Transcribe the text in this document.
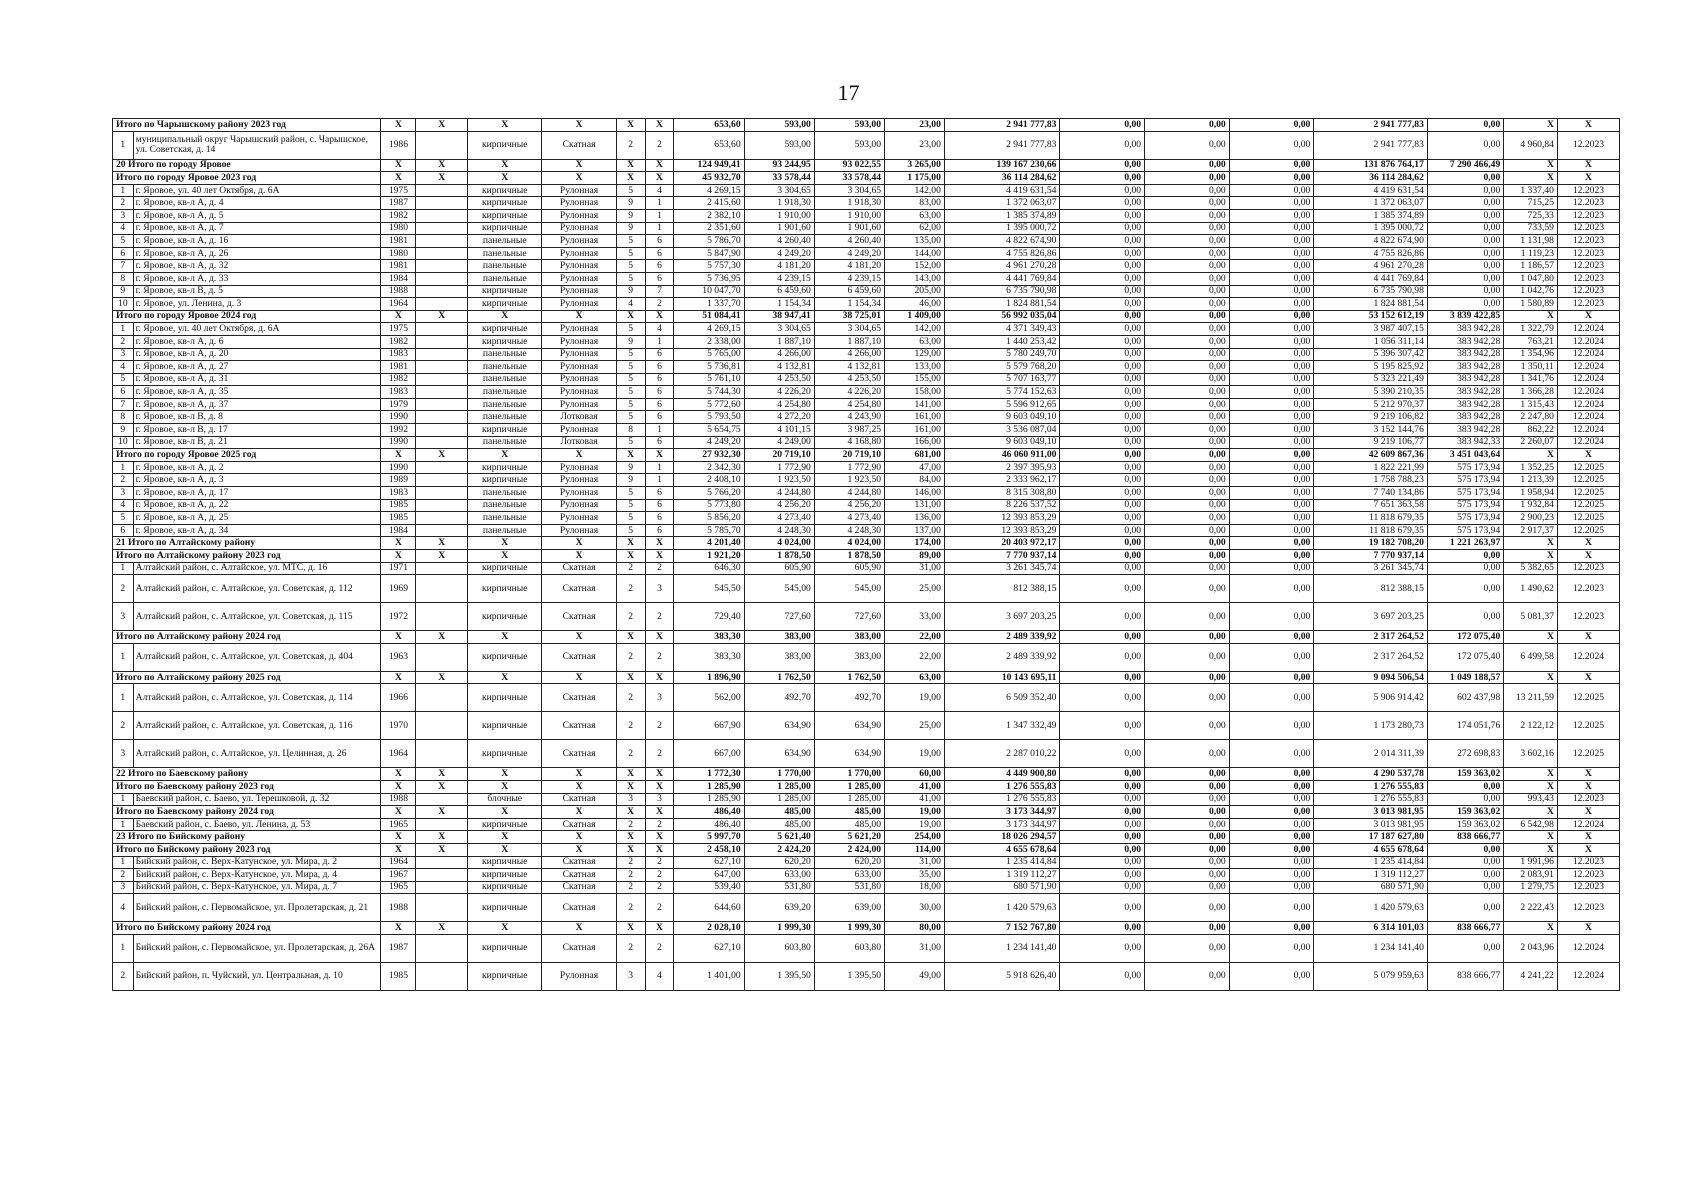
17
Итого по Чарышскому району 2023 год		X	X	X	X	X	X	653,60	593,00	593,00	23,00	2 941 777,83	0,00	0,00	0,00	2 941 777,83	0,00	X	X
1	муниципальный округ Чарышский район, с. Чарышское, ул. Советская, д. 14	1986		кирпичные	Скатная	2	2	653,60	593,00	593,00	23,00	2 941 777,83	0,00	0,00	0,00	2 941 777,83	0,00	4 960,84	12.2023
20 Итого по городу Яровое		X	X	X	X	X	X	124 949,41	93 244,95	93 022,55	3 265,00	139 167 230,66	0,00	0,00	0,00	131 876 764,17	7 290 466,49	X	X
Итого по городу Яровое 2023 год		X	X	X	X	X	X	45 932,70	33 578,44	33 578,44	1 175,00	36 114 284,62	0,00	0,00	0,00	36 114 284,62	0,00	X	X
1	г. Яровое, ул. 40 лет Октября, д. 6А	1975		кирпичные	Рулонная	5	4	4 269,15	3 304,65	3 304,65	142,00	4 419 631,54	0,00	0,00	0,00	4 419 631,54	0,00	1 337,40	12.2023
2	г. Яровое, кв-л А, д. 4	1987		кирпичные	Рулонная	9	1	2 415,60	1 918,30	1 918,30	83,00	1 372 063,07	0,00	0,00	0,00	1 372 063,07	0,00	715,25	12.2023
3	г. Яровое, кв-л А, д. 5	1982		кирпичные	Рулонная	9	1	2 382,10	1 910,00	1 910,00	63,00	1 385 374,89	0,00	0,00	0,00	1 385 374,89	0,00	725,33	12.2023
4	г. Яровое, кв-л А, д. 7	1980		кирпичные	Рулонная	9	1	2 351,60	1 901,60	1 901,60	62,00	1 395 000,72	0,00	0,00	0,00	1 395 000,72	0,00	733,59	12.2023
5	г. Яровое, кв-л А, д. 16	1981		панельные	Рулонная	5	6	5 786,70	4 260,40	4 260,40	135,00	4 822 674,90	0,00	0,00	0,00	4 822 674,90	0,00	1 131,98	12.2023
6	г. Яровое, кв-л А, д. 26	1980		панельные	Рулонная	5	6	5 847,90	4 249,20	4 249,20	144,00	4 755 826,86	0,00	0,00	0,00	4 755 826,86	0,00	1 119,23	12.2023
7	г. Яровое, кв-л А, д. 32	1981		панельные	Рулонная	5	6	5 757,30	4 181,20	4 181,20	152,00	4 961 270,28	0,00	0,00	0,00	4 961 270,28	0,00	1 186,57	12.2023
8	г. Яровое, кв-л А, д. 33	1984		панельные	Рулонная	5	6	5 736,95	4 239,15	4 239,15	143,00	4 441 769,84	0,00	0,00	0,00	4 441 769,84	0,00	1 047,80	12.2023
9	г. Яровое, кв-л В, д. 5	1988		кирпичные	Рулонная	9	7	10 047,70	6 459,60	6 459,60	205,00	6 735 790,98	0,00	0,00	0,00	6 735 790,98	0,00	1 042,76	12.2023
10	г. Яровое, ул. Ленина, д. 3	1964		кирпичные	Рулонная	4	2	1 337,70	1 154,34	1 154,34	46,00	1 824 881,54	0,00	0,00	0,00	1 824 881,54	0,00	1 580,89	12.2023
Итого по городу Яровое 2024 год		X	X	X	X	X	X	51 084,41	38 947,41	38 725,01	1 409,00	56 992 035,04	0,00	0,00	0,00	53 152 612,19	3 839 422,85	X	X
1	г. Яровое, ул. 40 лет Октября, д. 6А	1975		кирпичные	Рулонная	5	4	4 269,15	3 304,65	3 304,65	142,00	4 371 349,43	0,00	0,00	0,00	3 987 407,15	383 942,28	1 322,79	12.2024
2	г. Яровое, кв-л А, д. 6	1982		кирпичные	Рулонная	9	1	2 338,00	1 887,10	1 887,10	63,00	1 440 253,42	0,00	0,00	0,00	1 056 311,14	383 942,28	763,21	12.2024
3	г. Яровое, кв-л А, д. 20	1983		панельные	Рулонная	5	6	5 765,00	4 266,00	4 266,00	129,00	5 780 249,70	0,00	0,00	0,00	5 396 307,42	383 942,28	1 354,96	12.2024
4	г. Яровое, кв-л А, д. 27	1981		панельные	Рулонная	5	6	5 736,81	4 132,81	4 132,81	133,00	5 579 768,20	0,00	0,00	0,00	5 195 825,92	383 942,28	1 350,11	12.2024
5	г. Яровое, кв-л А, д. 31	1982		панельные	Рулонная	5	6	5 761,10	4 253,50	4 253,50	155,00	5 707 163,77	0,00	0,00	0,00	5 323 221,49	383 942,28	1 341,76	12.2024
6	г. Яровое, кв-л А, д. 35	1983		панельные	Рулонная	5	6	5 744,30	4 226,20	4 226,20	158,00	5 774 152,63	0,00	0,00	0,00	5 390 210,35	383 942,28	1 366,28	12.2024
7	г. Яровое, кв-л А, д. 37	1979		панельные	Рулонная	5	6	5 772,60	4 254,80	4 254,80	141,00	5 596 912,65	0,00	0,00	0,00	5 212 970,37	383 942,28	1 315,43	12.2024
8	г. Яровое, кв-л В, д. 8	1990		панельные	Лотковая	5	6	5 793,50	4 272,20	4 243,90	161,00	9 603 049,10	0,00	0,00	0,00	9 219 106,82	383 942,28	2 247,80	12.2024
9	г. Яровое, кв-л В, д. 17	1992		кирпичные	Рулонная	8	1	5 654,75	4 101,15	3 987,25	161,00	3 536 087,04	0,00	0,00	0,00	3 152 144,76	383 942,28	862,22	12.2024
10	г. Яровое, кв-л В, д. 21	1990		панельные	Лотковая	5	6	4 249,20	4 249,00	4 168,80	166,00	9 603 049,10	0,00	0,00	0,00	9 219 106,77	383 942,33	2 260,07	12.2024
Итого по городу Яровое 2025 год		X	X	X	X	X	X	27 932,30	20 719,10	20 719,10	681,00	46 060 911,00	0,00	0,00	0,00	42 609 867,36	3 451 043,64	X	X
1	г. Яровое, кв-л А, д. 2	1990		кирпичные	Рулонная	9	1	2 342,30	1 772,90	1 772,90	47,00	2 397 395,93	0,00	0,00	0,00	1 822 221,99	575 173,94	1 352,25	12.2025
2	г. Яровое, кв-л А, д. 3	1989		кирпичные	Рулонная	9	1	2 408,10	1 923,50	1 923,50	84,00	2 333 962,17	0,00	0,00	0,00	1 758 788,23	575 173,94	1 213,39	12.2025
3	г. Яровое, кв-л А, д. 17	1983		панельные	Рулонная	5	6	5 766,20	4 244,80	4 244,80	146,00	8 315 308,80	0,00	0,00	0,00	7 740 134,86	575 173,94	1 958,94	12.2025
4	г. Яровое, кв-л А, д. 22	1985		панельные	Рулонная	5	6	5 773,80	4 256,20	4 256,20	131,00	8 226 537,52	0,00	0,00	0,00	7 651 363,58	575 173,94	1 932,84	12.2025
5	г. Яровое, кв-л А, д. 25	1985		панельные	Рулонная	5	6	5 856,20	4 273,40	4 273,40	136,00	12 393 853,29	0,00	0,00	0,00	11 818 679,35	575 173,94	2 900,23	12.2025
6	г. Яровое, кв-л А, д. 34	1984		панельные	Рулонная	5	6	5 785,70	4 248,30	4 248,30	137,00	12 393 853,29	0,00	0,00	0,00	11 818 679,35	575 173,94	2 917,37	12.2025
21 Итого по Алтайскому району		X	X	X	X	X	X	4 201,40	4 024,00	4 024,00	174,00	20 403 972,17	0,00	0,00	0,00	19 182 708,20	1 221 263,97	X	X
Итого по Алтайскому району 2023 год		X	X	X	X	X	X	1 921,20	1 878,50	1 878,50	89,00	7 770 937,14	0,00	0,00	0,00	7 770 937,14	0,00	X	X
1	Алтайский район, с. Алтайское, ул. МТС, д. 16	1971		кирпичные	Скатная	2	2	646,30	605,90	605,90	31,00	3 261 345,74	0,00	0,00	0,00	3 261 345,74	0,00	5 382,65	12.2023
2	Алтайский район, с. Алтайское, ул. Советская, д. 112	1969		кирпичные	Скатная	2	3	545,50	545,00	545,00	25,00	812 388,15	0,00	0,00	0,00	812 388,15	0,00	1 490,62	12.2023
3	Алтайский район, с. Алтайское, ул. Советская, д. 115	1972		кирпичные	Скатная	2	2	729,40	727,60	727,60	33,00	3 697 203,25	0,00	0,00	0,00	3 697 203,25	0,00	5 081,37	12.2023
Итого по Алтайскому району 2024 год		X	X	X	X	X	X	383,30	383,00	383,00	22,00	2 489 339,92	0,00	0,00	0,00	2 317 264,52	172 075,40	X	X
1	Алтайский район, с. Алтайское, ул. Советская, д. 404	1963		кирпичные	Скатная	2	2	383,30	383,00	383,00	22,00	2 489 339,92	0,00	0,00	0,00	2 317 264,52	172 075,40	6 499,58	12.2024
Итого по Алтайскому району 2025 год		X	X	X	X	X	X	1 896,90	1 762,50	1 762,50	63,00	10 143 695,11	0,00	0,00	0,00	9 094 506,54	1 049 188,57	X	X
1	Алтайский район, с. Алтайское, ул. Советская, д. 114	1966		кирпичные	Скатная	2	3	562,00	492,70	492,70	19,00	6 509 352,40	0,00	0,00	0,00	5 906 914,42	602 437,98	13 211,59	12.2025
2	Алтайский район, с. Алтайское, ул. Советская, д. 116	1970		кирпичные	Скатная	2	2	667,90	634,90	634,90	25,00	1 347 332,49	0,00	0,00	0,00	1 173 280,73	174 051,76	2 122,12	12.2025
3	Алтайский район, с. Алтайское, ул. Целинная, д. 26	1964		кирпичные	Скатная	2	2	667,00	634,90	634,90	19,00	2 287 010,22	0,00	0,00	0,00	2 014 311,39	272 698,83	3 602,16	12.2025
22 Итого по Баевскому району		X	X	X	X	X	X	1 772,30	1 770,00	1 770,00	60,00	4 449 900,80	0,00	0,00	0,00	4 290 537,78	159 363,02	X	X
Итого по Баевскому району 2023 год		X	X	X	X	X	X	1 285,90	1 285,00	1 285,00	41,00	1 276 555,83	0,00	0,00	0,00	1 276 555,83	0,00	X	X
1	Баевский район, с. Баево, ул. Терешковой, д. 32	1988		блочные	Скатная	3	3	1 285,90	1 285,00	1 285,00	41,00	1 276 555,83	0,00	0,00	0,00	1 276 555,83	0,00	993,43	12.2023
Итого по Баевскому району 2024 год		X	X	X	X	X	X	486,40	485,00	485,00	19,00	3 173 344,97	0,00	0,00	0,00	3 013 981,95	159 363,02	X	X
1	Баевский район, с. Баево, ул. Ленина, д. 53	1965		кирпичные	Скатная	2	2	486,40	485,00	485,00	19,00	3 173 344,97	0,00	0,00	0,00	3 013 981,95	159 363,02	6 542,98	12.2024
23 Итого по Бийскому району		X	X	X	X	X	X	5 997,70	5 621,40	5 621,20	254,00	18 026 294,57	0,00	0,00	0,00	17 187 627,80	838 666,77	X	X
Итого по Бийскому району 2023 год		X	X	X	X	X	X	2 458,10	2 424,20	2 424,00	114,00	4 655 678,64	0,00	0,00	0,00	4 655 678,64	0,00	X	X
1	Бийский район, с. Верх-Катунское, ул. Мира, д. 2	1964		кирпичные	Скатная	2	2	627,10	620,20	620,20	31,00	1 235 414,84	0,00	0,00	0,00	1 235 414,84	0,00	1 991,96	12.2023
2	Бийский район, с. Верх-Катунское, ул. Мира, д. 4	1967		кирпичные	Скатная	2	2	647,00	633,00	633,00	35,00	1 319 112,27	0,00	0,00	0,00	1 319 112,27	0,00	2 083,91	12.2023
3	Бийский район, с. Верх-Катунское, ул. Мира, д. 7	1965		кирпичные	Скатная	2	2	539,40	531,80	531,80	18,00	680 571,90	0,00	0,00	0,00	680 571,90	0,00	1 279,75	12.2023
4	Бийский район, с. Первомайское, ул. Пролетарская, д. 21	1988		кирпичные	Скатная	2	2	644,60	639,20	639,00	30,00	1 420 579,63	0,00	0,00	0,00	1 420 579,63	0,00	2 222,43	12.2023
Итого по Бийскому району 2024 год		X	X	X	X	X	X	2 028,10	1 999,30	1 999,30	80,00	7 152 767,80	0,00	0,00	0,00	6 314 101,03	838 666,77	X	X
1	Бийский район, с. Первомайское, ул. Пролетарская, д. 26А	1987		кирпичные	Скатная	2	2	627,10	603,80	603,80	31,00	1 234 141,40	0,00	0,00	0,00	1 234 141,40	0,00	2 043,96	12.2024
2	Бийский район, п. Чуйский, ул. Центральная, д. 10	1985		кирпичные	Рулонная	3	4	1 401,00	1 395,50	1 395,50	49,00	5 918 626,40	0,00	0,00	0,00	5 079 959,63	838 666,77	4 241,22	12.2024
